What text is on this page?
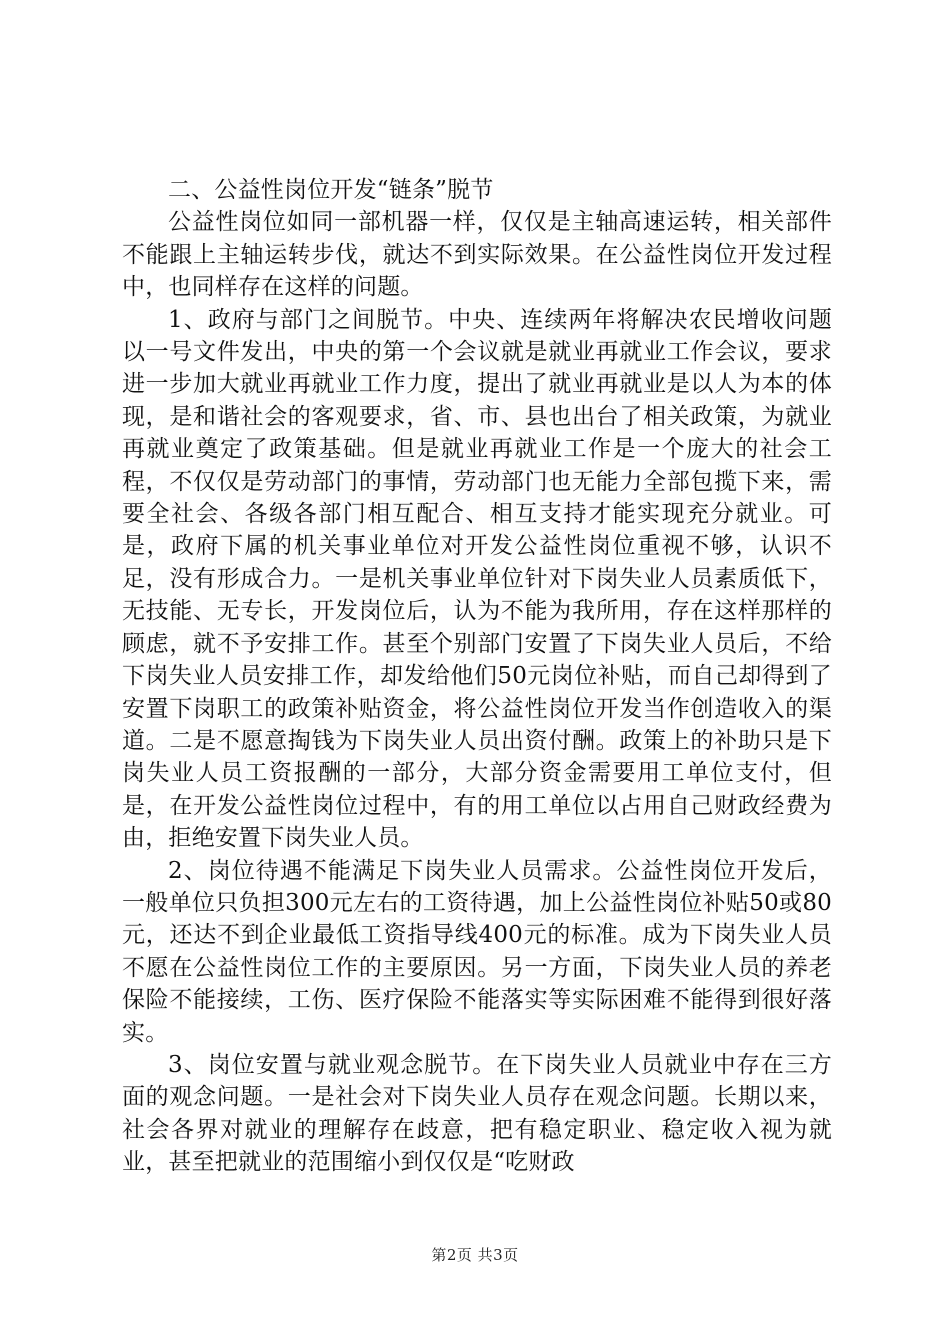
二、公益性岗位开发“链条”脱节

公益性岗位如同一部机器一样，仅仅是主轴高速运转，相关部件不能跟上主轴运转步伐，就达不到实际效果。在公益性岗位开发过程中，也同样存在这样的问题。

1、政府与部门之间脱节。中央、连续两年将解决农民增收问题以一号文件发出，中央的第一个会议就是就业再就业工作会议，要求进一步加大就业再就业工作力度，提出了就业再就业是以人为本的体现，是和谐社会的客观要求，省、市、县也出台了相关政策，为就业再就业奠定了政策基础。但是就业再就业工作是一个庞大的社会工程，不仅仅是劳动部门的事情，劳动部门也无能力全部包揽下来，需要全社会、各级各部门相互配合、相互支持才能实现充分就业。可是，政府下属的机关事业单位对开发公益性岗位重视不够，认识不足，没有形成合力。一是机关事业单位针对下岗失业人员素质低下，无技能、无专长，开发岗位后，认为不能为我所用，存在这样那样的顾虑，就不予安排工作。甚至个别部门安置了下岗失业人员后，不给下岗失业人员安排工作，却发给他们50元岗位补贴，而自己却得到了安置下岗职工的政策补贴资金，将公益性岗位开发当作创造收入的渠道。二是不愿意掏钱为下岗失业人员出资付酬。政策上的补助只是下岗失业人员工资报酬的一部分，大部分资金需要用工单位支付，但是，在开发公益性岗位过程中，有的用工单位以占用自己财政经费为由，拒绝安置下岗失业人员。

2、岗位待遇不能满足下岗失业人员需求。公益性岗位开发后，一般单位只负担300元左右的工资待遇，加上公益性岗位补贴50或80元，还达不到企业最低工资指导线400元的标准。成为下岗失业人员不愿在公益性岗位工作的主要原因。另一方面，下岗失业人员的养老保险不能接续，工伤、医疗保险不能落实等实际困难不能得到很好落实。

3、岗位安置与就业观念脱节。在下岗失业人员就业中存在三方面的观念问题。一是社会对下岗失业人员存在观念问题。长期以来，社会各界对就业的理解存在歧意，把有稳定职业、稳定收入视为就业，甚至把就业的范围缩小到仅仅是“吃财政

第2页 共3页
